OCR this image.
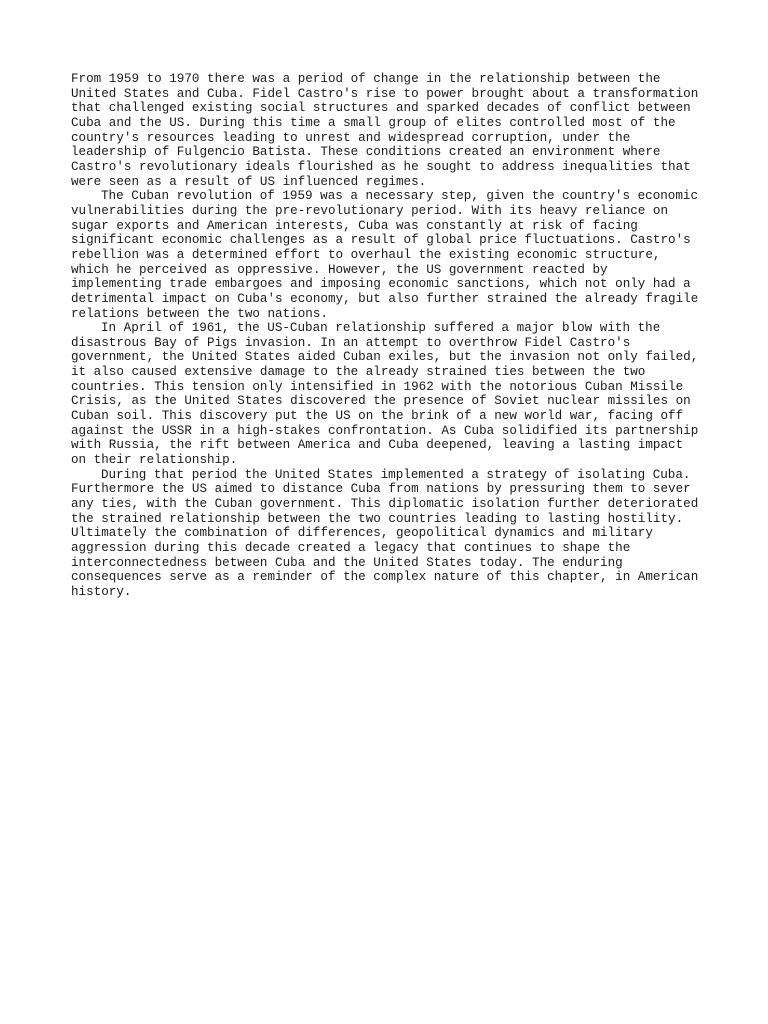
From 1959 to 1970 there was a period of change in the relationship between the
United States and Cuba. Fidel Castro's rise to power brought about a transformation
that challenged existing social structures and sparked decades of conflict between
Cuba and the US. During this time a small group of elites controlled most of the
country's resources leading to unrest and widespread corruption, under the
leadership of Fulgencio Batista. These conditions created an environment where
Castro's revolutionary ideals flourished as he sought to address inequalities that
were seen as a result of US influenced regimes.

The Cuban revolution of 1959 was a necessary step, given the country's economic
vulnerabilities during the pre-revolutionary period. With its heavy reliance on
sugar exports and American interests, Cuba was constantly at risk of facing
significant economic challenges as a result of global price fluctuations. Castro's
rebellion was a determined effort to overhaul the existing economic structure,
which he perceived as oppressive. However, the US government reacted by
implementing trade embargoes and imposing economic sanctions, which not only had a
detrimental impact on Cuba's economy, but also further strained the already fragile
relations between the two nations.

In April of 1961, the US-Cuban relationship suffered a major blow with the
disastrous Bay of Pigs invasion. In an attempt to overthrow Fidel Castro's
government, the United States aided Cuban exiles, but the invasion not only failed,
it also caused extensive damage to the already strained ties between the two
countries. This tension only intensified in 1962 with the notorious Cuban Missile
Crisis, as the United States discovered the presence of Soviet nuclear missiles on
Cuban soil. This discovery put the US on the brink of a new world war, facing off
against the USSR in a high-stakes confrontation. As Cuba solidified its partnership
with Russia, the rift between America and Cuba deepened, leaving a lasting impact
on their relationship.

During that period the United States implemented a strategy of isolating Cuba.
Furthermore the US aimed to distance Cuba from nations by pressuring them to sever
any ties, with the Cuban government. This diplomatic isolation further deteriorated
the strained relationship between the two countries leading to lasting hostility.
Ultimately the combination of differences, geopolitical dynamics and military
aggression during this decade created a legacy that continues to shape the
interconnectedness between Cuba and the United States today. The enduring
consequences serve as a reminder of the complex nature of this chapter, in American
history.
